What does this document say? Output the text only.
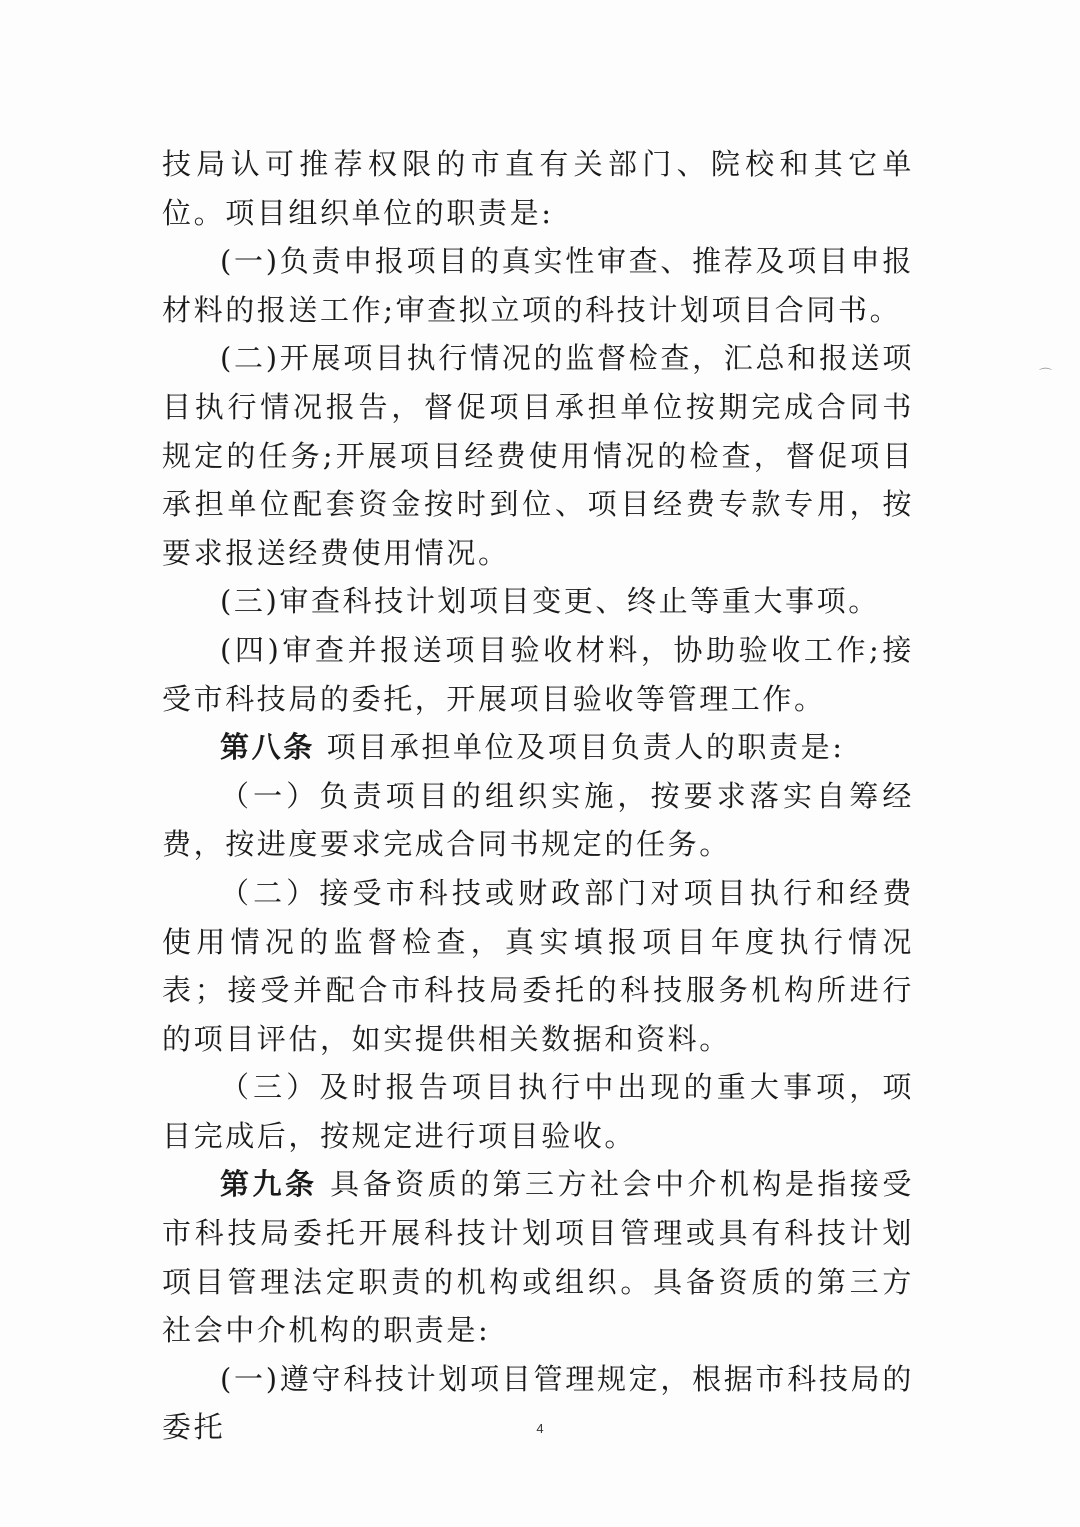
技局认可推荐权限的市直有关部门、院校和其它单位。项目组织单位的职责是:

(一)负责申报项目的真实性审查、推荐及项目申报材料的报送工作;审查拟立项的科技计划项目合同书。

(二)开展项目执行情况的监督检查，汇总和报送项目执行情况报告，督促项目承担单位按期完成合同书规定的任务;开展项目经费使用情况的检查，督促项目承担单位配套资金按时到位、项目经费专款专用，按要求报送经费使用情况。

(三)审查科技计划项目变更、终止等重大事项。

(四)审查并报送项目验收材料，协助验收工作;接受市科技局的委托，开展项目验收等管理工作。

第八条 项目承担单位及项目负责人的职责是:

（一）负责项目的组织实施，按要求落实自筹经费，按进度要求完成合同书规定的任务。

（二）接受市科技或财政部门对项目执行和经费使用情况的监督检查，真实填报项目年度执行情况表；接受并配合市科技局委托的科技服务机构所进行的项目评估，如实提供相关数据和资料。

（三）及时报告项目执行中出现的重大事项，项目完成后，按规定进行项目验收。

第九条 具备资质的第三方社会中介机构是指接受市科技局委托开展科技计划项目管理或具有科技计划项目管理法定职责的机构或组织。具备资质的第三方社会中介机构的职责是:

(一)遵守科技计划项目管理规定，根据市科技局的委托	4
⌒
